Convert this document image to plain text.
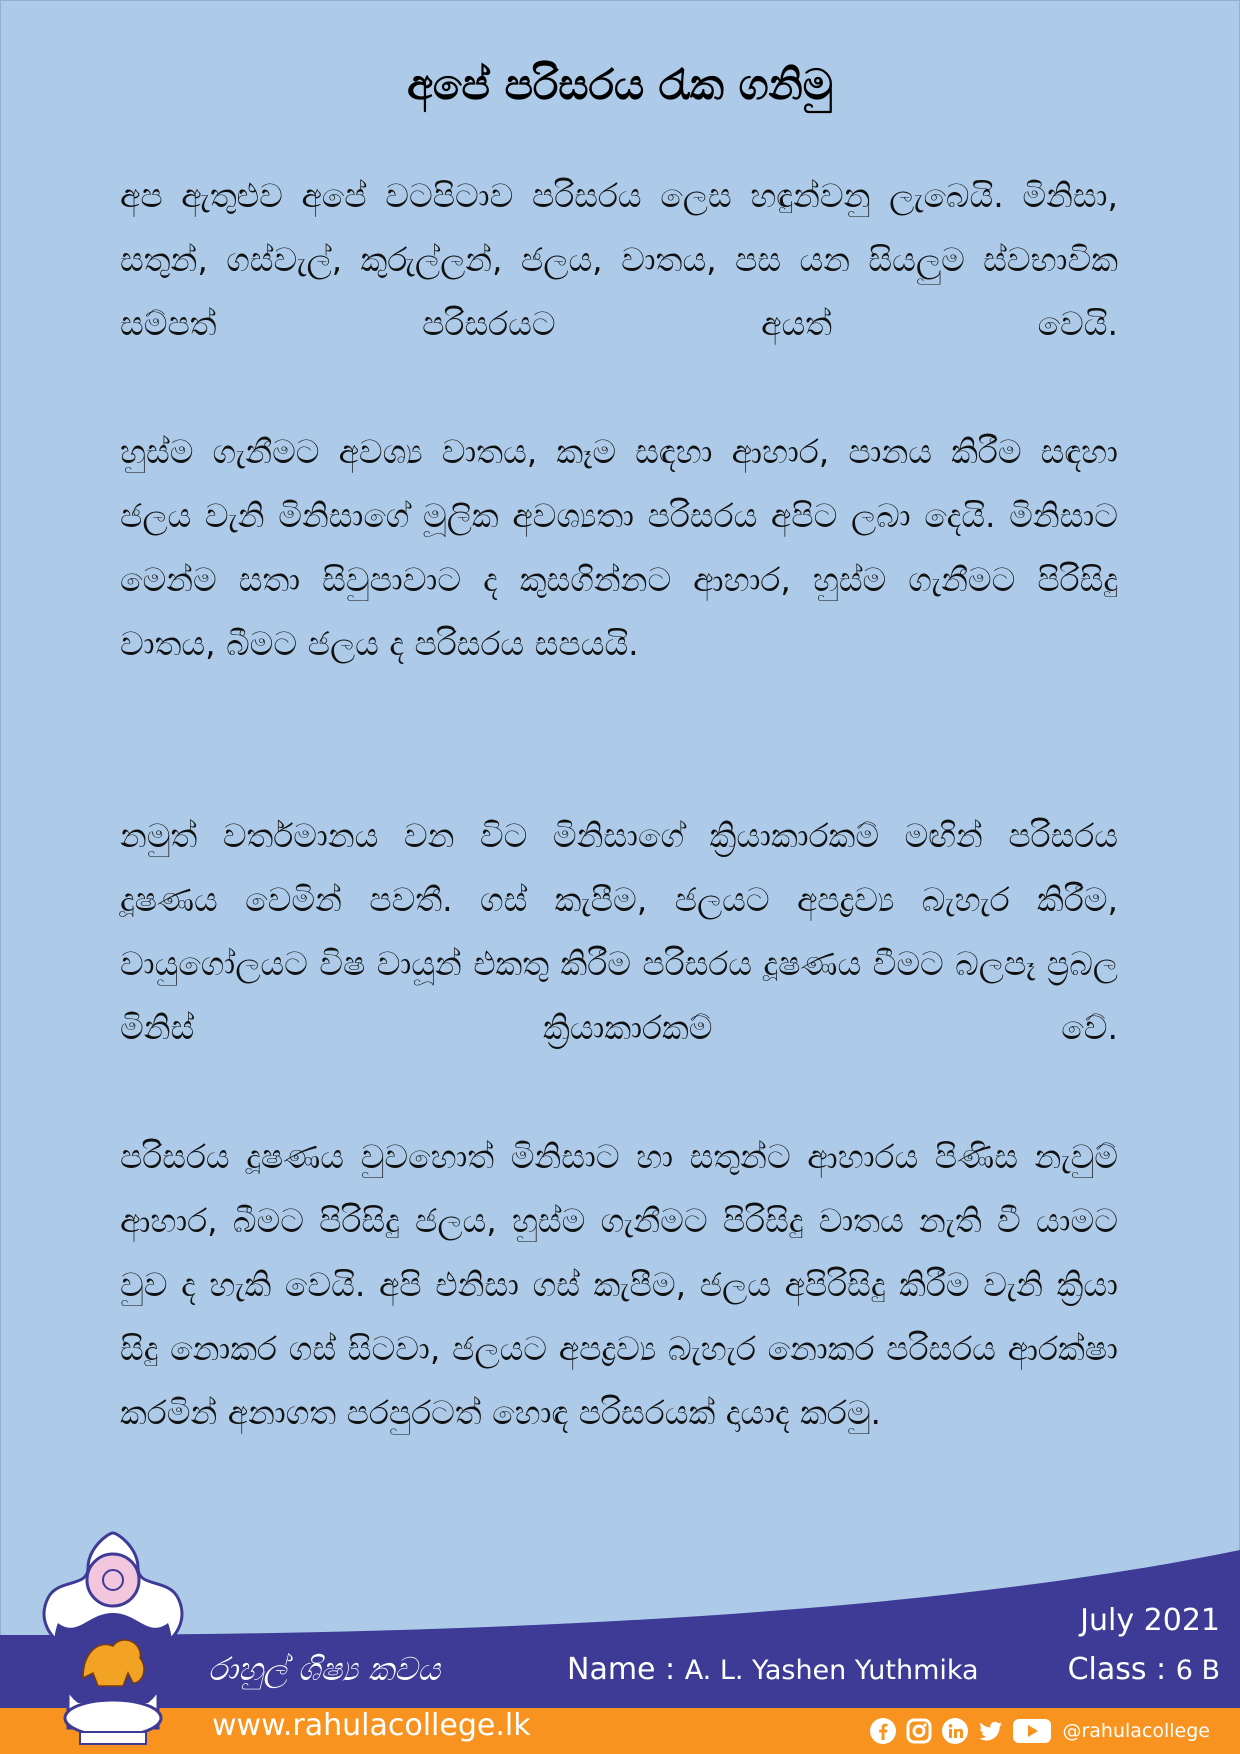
අපේ පරිසරය රැක ගනිමු

අප ඇතුළුව අපේ වටපිටාව පරිසරය ලෙස හඳුන්වනු ලැබෙයි. මිනිසා, සතුන්, ගස්වැල්, කුරුල්ලන්, ජලය, වාතය, පස යන සියලුම ස්වභාවික සම්පත් පරිසරයට අයත් වෙයි.

හුස්ම ගැනීමට අවශ්‍ය වාතය, කෑම සඳහා ආහාර, පානය කිරීම සඳහා ජලය වැනි මිනිසාගේ මූලික අවශ්‍යතා පරිසරය අපිට ලබා දෙයි. මිනිසාට මෙන්ම සතා සිවුපාවාට ද කුසගින්නට ආහාර, හුස්ම ගැනීමට පිරිසිදු වාතය, බීමට ජලය ද පරිසරය සපයයි.

නමුත් වර්තමානය වන විට මිනිසාගේ ක්‍රියාකාරකම් මඟින් පරිසරය දූෂණය වෙමින් පවතී. ගස් කැපීම, ජලයට අපද්‍රව්‍ය බැහැර කිරීම, වායුගෝලයට විෂ වායූන් එකතු කිරීම පරිසරය දූෂණය වීමට බලපෑ ප්‍රබල මිනිස් ක්‍රියාකාරකම් වේ.

පරිසරය දූෂණය වුවහොත් මිනිසාට හා සතුන්ට ආහාරය පිණිස නැවුම් ආහාර, බීමට පිරිසිදු ජලය, හුස්ම ගැනීමට පිරිසිදු වාතය නැති වී යාමට වුව ද හැකි වෙයි. අපි එනිසා ගස් කැපීම, ජලය අපිරිසිදු කිරීම වැනි ක්‍රියා සිදු නොකර ගස් සිටවා, ජලයට අපද්‍රව්‍ය බැහැර නොකර පරිසරය ආරක්ෂා කරමින් අනාගත පරපුරටත් හොඳ පරිසරයක් දායාද කරමු.

රාහුල් ශිෂ්‍ය කවය	Name : A. L. Yashen Yuthmika
July 2021
Class : 6 B
www.rahulacollege.lk	@rahulacollege
